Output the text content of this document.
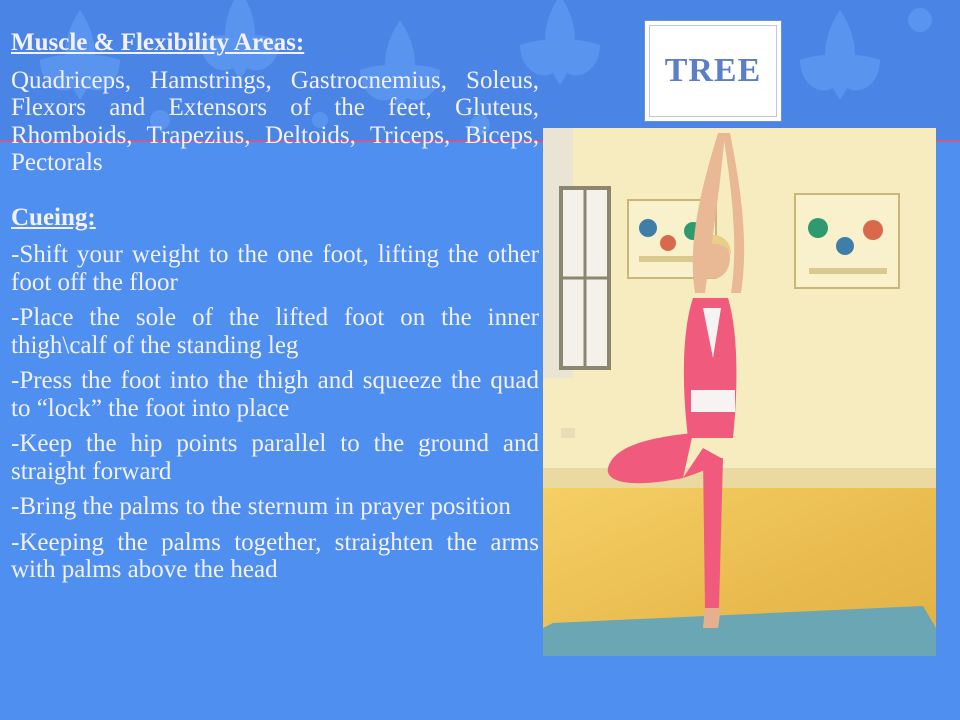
TREE

Muscle & Flexibility Areas:

Quadriceps, Hamstrings, Gastrocnemius, Soleus, Flexors and Extensors of the feet, Gluteus, Rhomboids, Trapezius, Deltoids, Triceps, Biceps, Pectorals

Cueing:

-Shift your weight to the one foot, lifting the other foot off the floor

-Place the sole of the lifted foot on the inner thigh\calf of the standing leg

-Press the foot into the thigh and squeeze the quad to “lock” the foot into place

-Keep the hip points parallel to the ground and straight forward

-Bring the palms to the sternum in prayer position

-Keeping the palms together, straighten the arms with palms above the head
